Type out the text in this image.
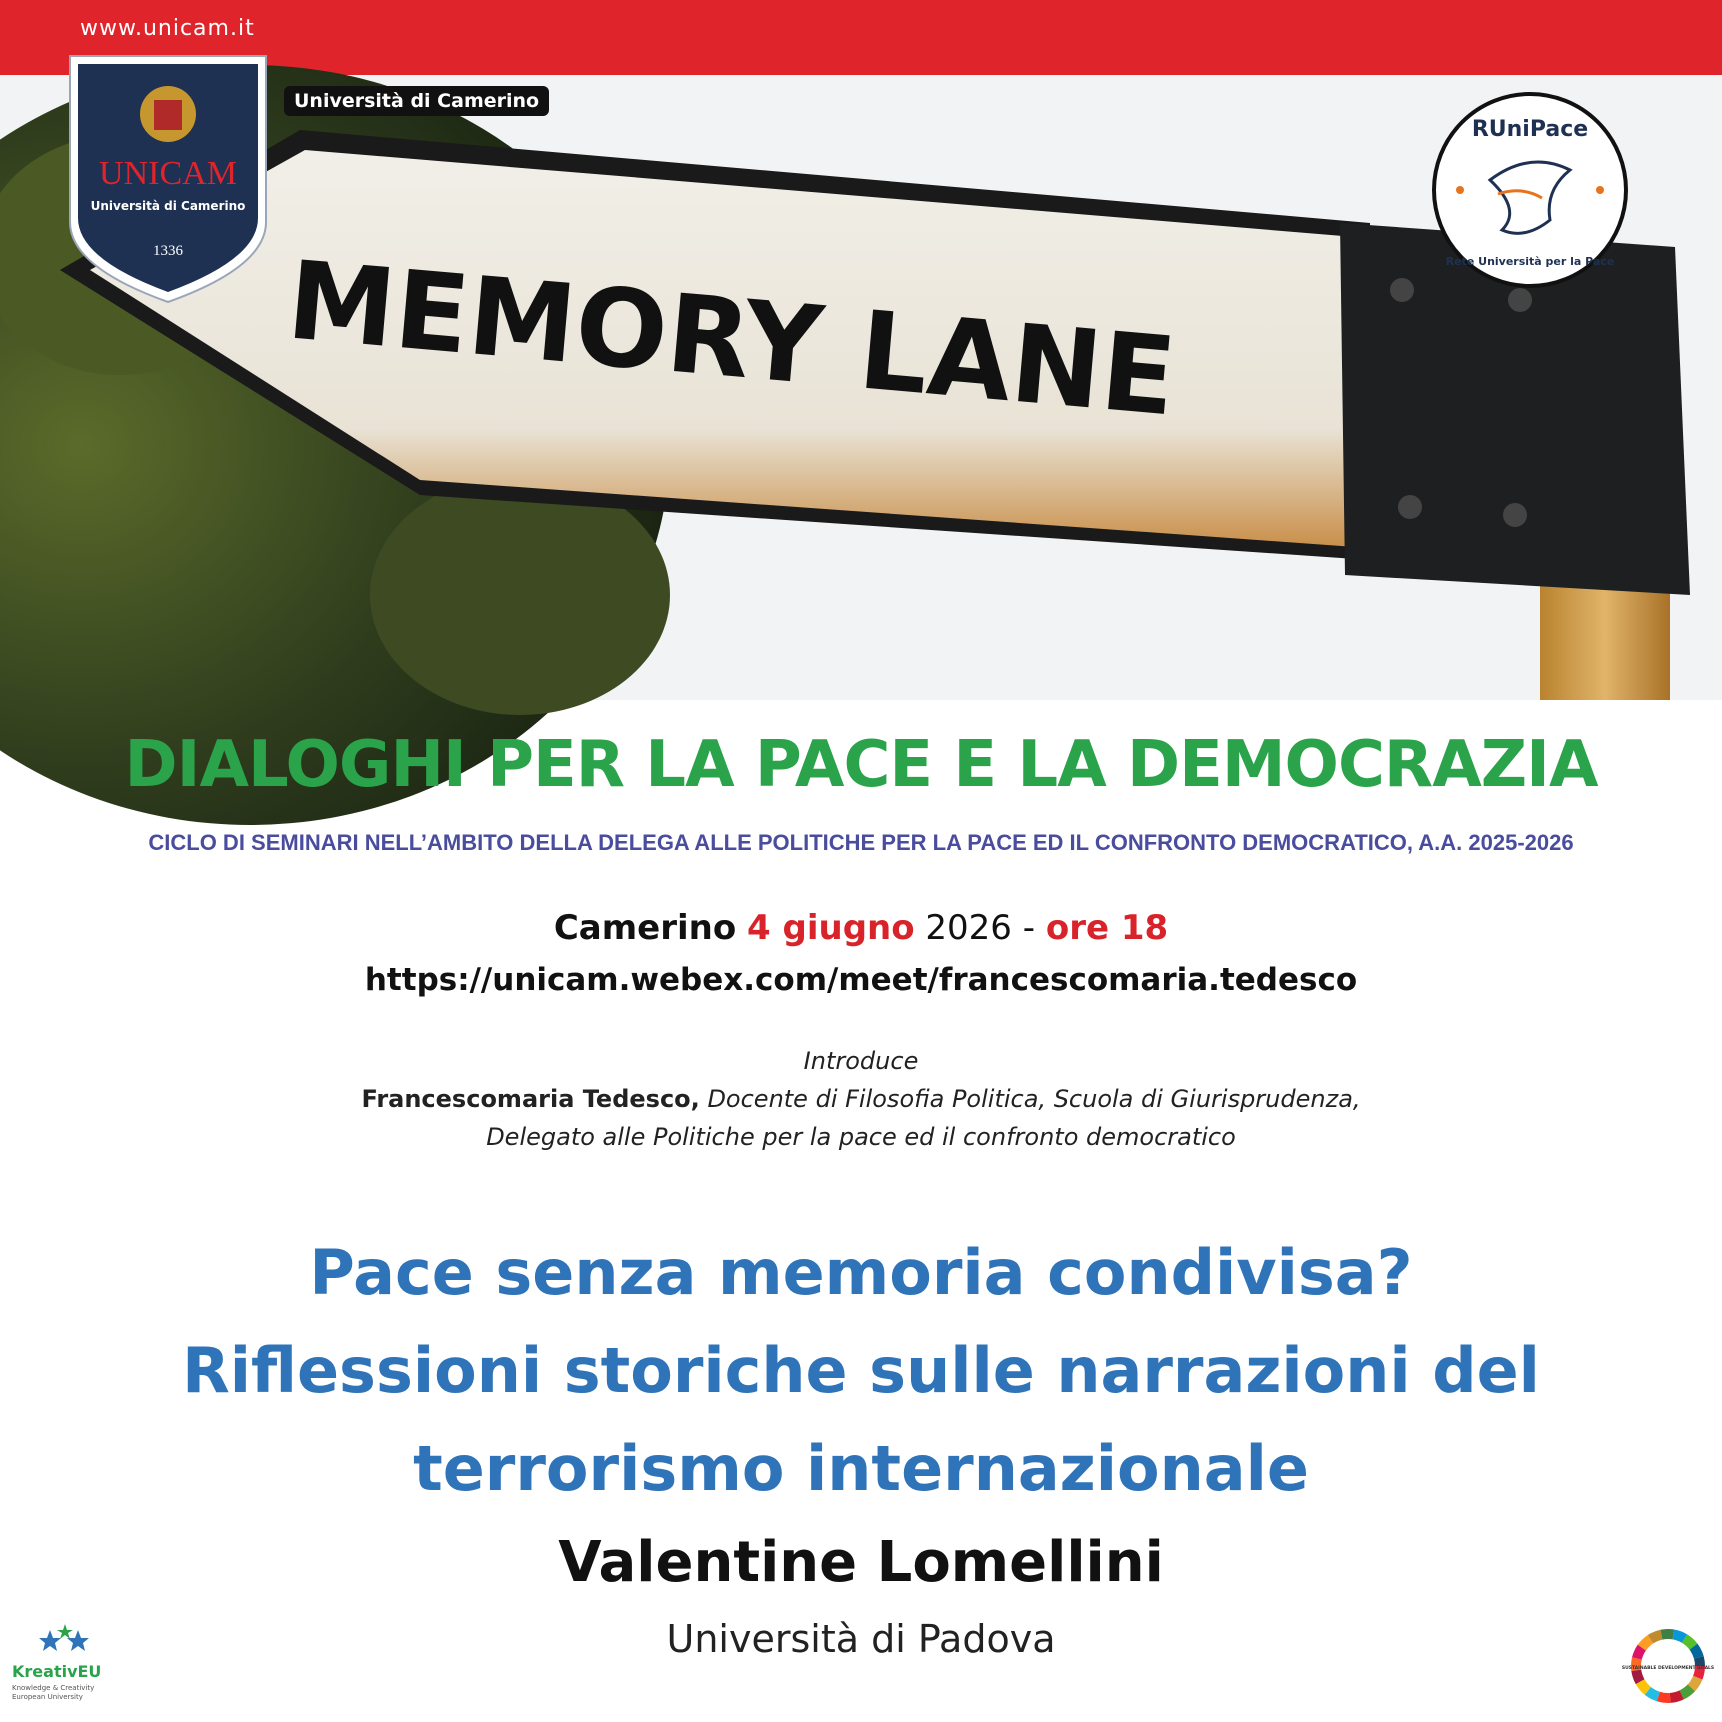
www.unicam.it
MEMORY LANE
UNICAM
Università di Camerino
1336
Università di Camerino
RUniPace
Rete Università per la Pace
DIALOGHI PER LA PACE E LA DEMOCRAZIA
CICLO DI SEMINARI NELL’AMBITO DELLA DELEGA ALLE POLITICHE PER LA PACE ED IL CONFRONTO DEMOCRATICO, A.A. 2025-2026
Camerino 4 giugno 2026 - ore 18
https://unicam.webex.com/meet/francescomaria.tedesco
Introduce
Francescomaria Tedesco, Docente di Filosofia Politica, Scuola di Giurisprudenza,
Delegato alle Politiche per la pace ed il confronto democratico
Pace senza memoria condivisa?
Riflessioni storiche sulle narrazioni del
terrorismo internazionale
Valentine Lomellini
Università di Padova
KreativEU
Knowledge & Creativity European University
SUSTAINABLE DEVELOPMENT GOALS
